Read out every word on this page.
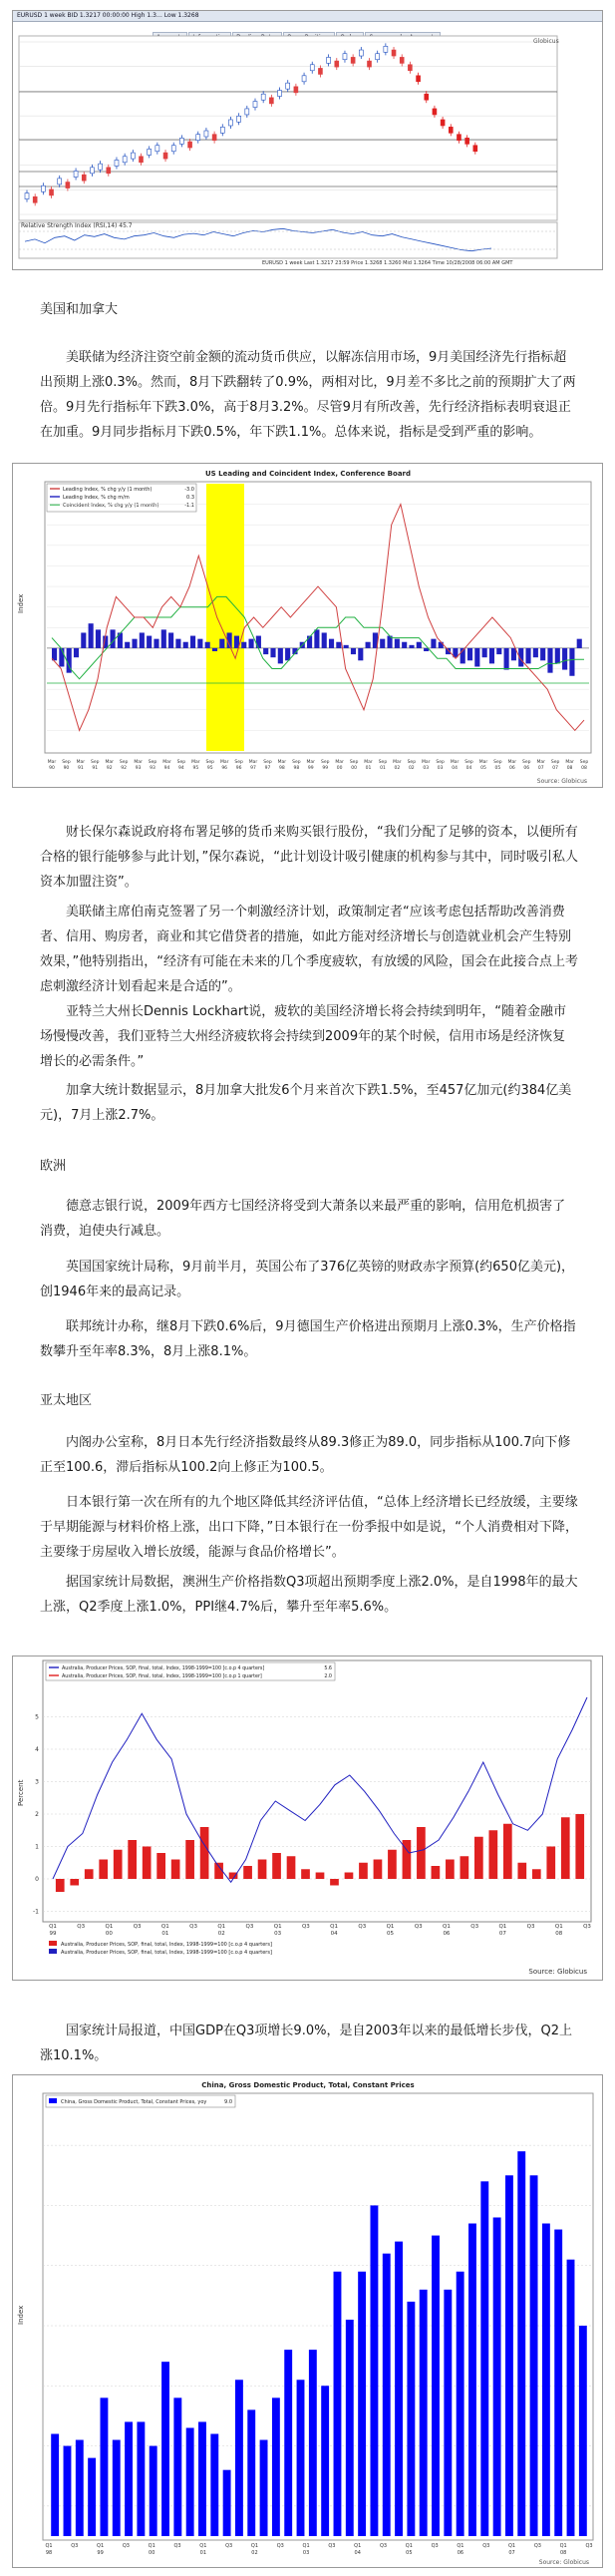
EURUSD 1 week BID 1.3217 00:00:00 High 1.3… Low 1.3268
Relative Strength Index (RSI,14) 45.7
Globicus
EURUSD 1 week Last 1.3217 23:59 Price 1.3268 1.3260 Mid 1.3264 Time 10/28/2008 06:00 AM GMT
美国和加拿大
美联储为经济注资空前金额的流动货币供应，以解冻信用市场，9月美国经济先行指标超出预期上涨0.3%。然而，8月下跌翻转了0.9%，两相对比，9月差不多比之前的预期扩大了两倍。9月先行指标年下跌3.0%，高于8月3.2%。尽管9月有所改善，先行经济指标表明衰退正在加重。9月同步指标月下跌0.5%，年下跌1.1%。总体来说，指标是受到严重的影响。
US Leading and Coincident Index, Conference Board
Leading Index, % chg y/y (1 month)	-3.0
Leading Index, % chg m/m	0.3
Coincident Index, % chg y/y (1 month)	-1.1
Index
Mar
90
Sep
90
Mar
91
Sep
91
Mar
92
Sep
92
Mar
93
Sep
93
Mar
94
Sep
94
Mar
95
Sep
95
Mar
96
Sep
96
Mar
97
Sep
97
Mar
98
Sep
98
Mar
99
Sep
99
Mar
00
Sep
00
Mar
01
Sep
01
Mar
02
Sep
02
Mar
03
Sep
03
Mar
04
Sep
04
Mar
05
Sep
05
Mar
06
Sep
06
Mar
07
Sep
07
Mar
08
Sep
08
Source: Globicus
财长保尔森说政府将布署足够的货币来购买银行股份，“我们分配了足够的资本，以便所有合格的银行能够参与此计划，”保尔森说，“此计划设计吸引健康的机构参与其中，同时吸引私人资本加盟注资”。
美联储主席伯南克签署了另一个刺激经济计划，政策制定者“应该考虑包括帮助改善消费者、信用、购房者，商业和其它借贷者的措施，如此方能对经济增长与创造就业机会产生特别效果，”他特别指出，“经济有可能在未来的几个季度疲软，有放缓的风险，国会在此接合点上考虑刺激经济计划看起来是合适的”。
亚特兰大州长Dennis Lockhart说，疲软的美国经济增长将会持续到明年，“随着金融市场慢慢改善，我们亚特兰大州经济疲软将会持续到2009年的某个时候，信用市场是经济恢复增长的必需条件。”
加拿大统计数据显示，8月加拿大批发6个月来首次下跌1.5%，至457亿加元(约384亿美元)，7月上涨2.7%。
欧洲
德意志银行说，2009年西方七国经济将受到大萧条以来最严重的影响，信用危机损害了消费，迫使央行减息。
英国国家统计局称，9月前半月，英国公布了376亿英镑的财政赤字预算(约650亿美元)，创1946年来的最高记录。
联邦统计办称，继8月下跌0.6%后，9月德国生产价格进出预期月上涨0.3%，生产价格指数攀升至年率8.3%，8月上涨8.1%。
亚太地区
内阁办公室称，8月日本先行经济指数最终从89.3修正为89.0，同步指标从100.7向下修正至100.6，滞后指标从100.2向上修正为100.5。
日本银行第一次在所有的九个地区降低其经济评估值，“总体上经济增长已经放缓，主要缘于早期能源与材料价格上涨，出口下降，”日本银行在一份季报中如是说，“个人消费相对下降，主要缘于房屋收入增长放缓，能源与食品价格增长”。
据国家统计局数据，澳洲生产价格指数Q3项超出预期季度上涨2.0%，是自1998年的最大上涨，Q2季度上涨1.0%，PPI继4.7%后，攀升至年率5.6%。
Australia, Producer Prices, SOP, final, total, Index, 1998-1999=100 [c.o.p 4 quarters]	5.6
Australia, Producer Prices, SOP, final, total, Index, 1998-1999=100 [c.o.p 1 quarter]	2.0
-1
0
1
2
3
4
5
Q1
99
Q3	Q1
00
Q3	Q1
01
Q3	Q1
02
Q3	Q1
03
Q3	Q1
04
Q3	Q1
05
Q3	Q1
06
Q3	Q1
07
Q3	Q1
08
Q3
Percent
Australia, Producer Prices, SOP, final, total, Index, 1998-1999=100 [c.o.p 4 quarters]
Australia, Producer Prices, SOP, final, total, Index, 1998-1999=100 [c.o.p 4 quarters]
Source: Globicus
国家统计局报道，中国GDP在Q3项增长9.0%，是自2003年以来的最低增长步伐，Q2上涨10.1%。
China, Gross Domestic Product, Total, Constant Prices
China, Gross Domestic Product, Total, Constant Prices, yoy	9.0
Index
Q1
98
Q3	Q1
99
Q3	Q1
00
Q3	Q1
01
Q3	Q1
02
Q3	Q1
03
Q3	Q1
04
Q3	Q1
05
Q3	Q1
06
Q3	Q1
07
Q3	Q1
08
Q3
Source: Globicus
